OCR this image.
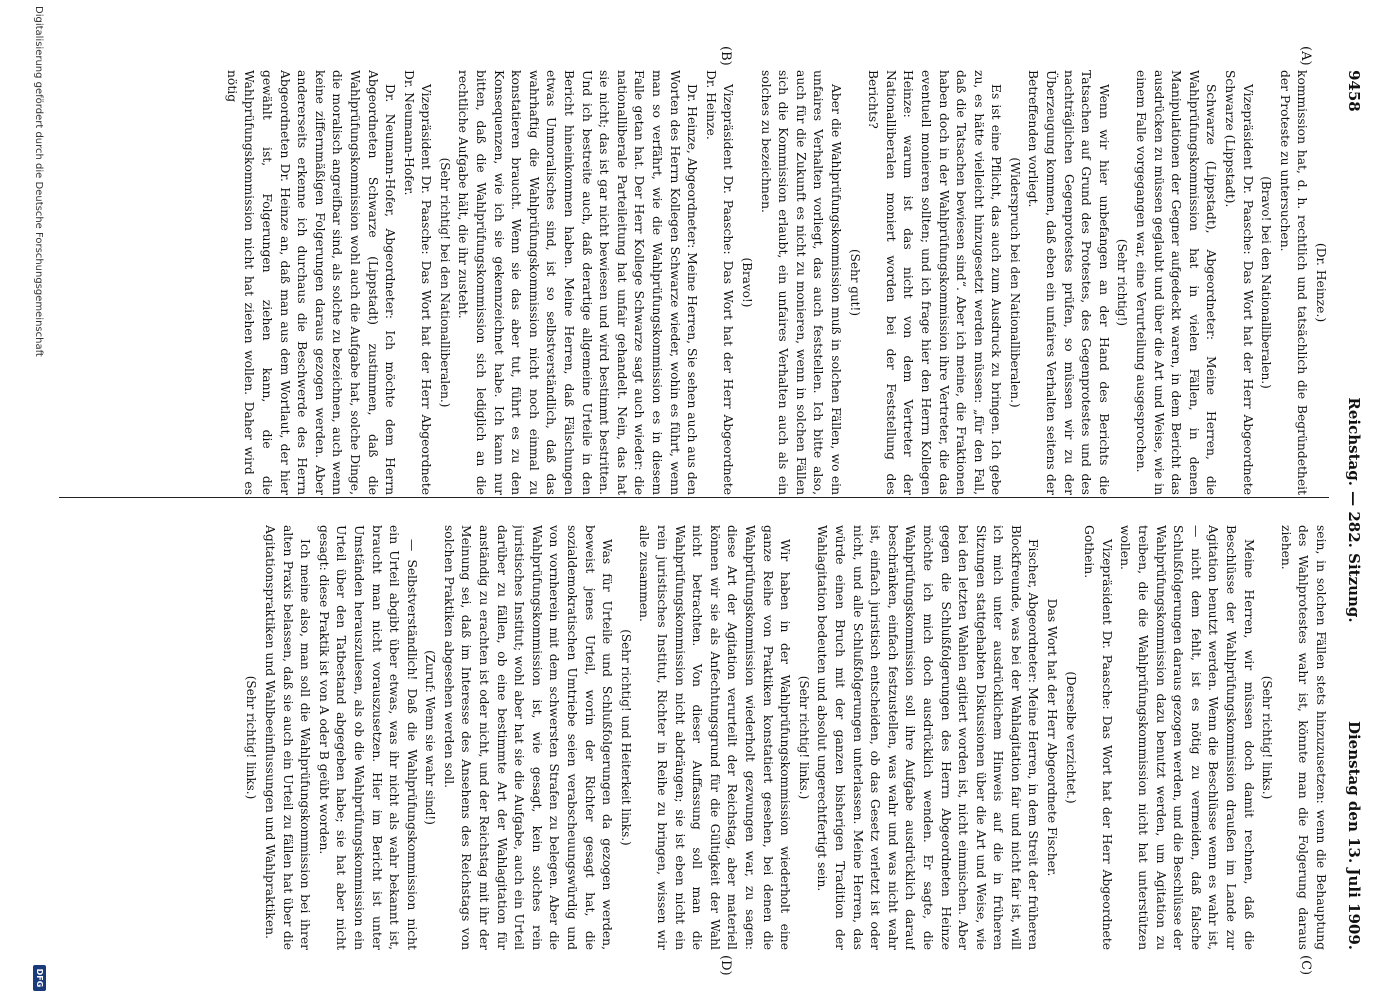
9458
Reichstag. — 282. Sitzung.
Dienstag den 13. Juli 1909.
(A)
(B)
(C)
(D)

(Dr. Heinze.)

kommission hat, d. h. rechtlich und tatsächlich die Begründetheit der Proteste zu untersuchen.

(Bravo! bei den Nationalliberalen.)

Vizepräsident Dr. Paasche: Das Wort hat der Herr Abgeordnete Schwarze (Lippstadt).

Schwarze (Lippstadt), Abgeordneter: Meine Herren, die Wahlprüfungskommission hat in vielen Fällen, in denen Manipulationen der Gegner aufgedeckt waren, in dem Bericht das ausdrücken zu müssen geglaubt und über die Art und Weise, wie in einem Falle vorgegangen war, eine Verurteilung ausgesprochen.

(Sehr richtig!)

Wenn wir hier unbefangen an der Hand des Berichts die Tatsachen auf Grund des Protestes, des Gegenprotestes und des nachträglichen Gegenprotestes prüfen, so müssen wir zu der Überzeugung kommen, daß eben ein unfaires Verhalten seitens der Betreffenden vorliegt.

(Widerspruch bei den Nationalliberalen.)

Es ist eine Pflicht, das auch zum Ausdruck zu bringen. Ich gebe zu, es hätte vielleicht hinzugesetzt werden müssen: „für den Fall, daß die Tatsachen bewiesen sind“. Aber ich meine, die Fraktionen haben doch in der Wahlprüfungskommission ihre Vertreter, die das eventuell monieren sollten; und ich frage hier den Herrn Kollegen Heinze: warum ist das nicht von dem Vertreter der Nationalliberalen moniert worden bei der Feststellung des Berichts?

(Sehr gut!)

Aber die Wahlprüfungskommission muß in solchen Fällen, wo ein unfaires Verhalten vorliegt, das auch feststellen. Ich bitte also, auch für die Zukunft es nicht zu monieren, wenn in solchen Fällen sich die Kommission erlaubt, ein unfaires Verhalten auch als ein solches zu bezeichnen.

(Bravo!)

Vizepräsident Dr. Paasche: Das Wort hat der Herr Abgeordnete Dr. Heinze.

Dr. Heinze, Abgeordneter: Meine Herren, Sie sehen auch aus den Worten des Herrn Kollegen Schwarze wieder, wohin es führt, wenn man so verfährt, wie die Wahlprüfungskommission es in diesem Falle getan hat. Der Herr Kollege Schwarze sagt auch wieder: die nationalliberale Parteileitung hat unfair gehandelt. Nein, das hat sie nicht; das ist gar nicht bewiesen und wird bestimmt bestritten. Und ich bestreite auch, daß derartige allgemeine Urteile in den Bericht hineinkommen haben. Meine Herren, daß Fälschungen etwas Unmoralisches sind, ist so selbstverständlich, daß das wahrhaftig die Wahlprüfungskommission nicht noch einmal zu konstatieren braucht. Wenn sie das aber tut, führt es zu den Konsequenzen, wie ich sie gekennzeichnet habe. Ich kann nur bitten, daß die Wahlprüfungskommission sich lediglich an die rechtliche Aufgabe hält, die ihr zusteht.

(Sehr richtig! bei den Nationalliberalen.)

Vizepräsident Dr. Paasche: Das Wort hat der Herr Abgeordnete Dr. Neumann-Hofer.

Dr. Neumann-Hofer, Abgeordneter: Ich möchte dem Herrn Abgeordneten Schwarze (Lippstadt) zustimmen, daß die Wahlprüfungskommission wohl auch die Aufgabe hat, solche Dinge, die moralisch angreifbar sind, als solche zu bezeichnen, auch wenn keine ziffernmäßigen Folgerungen daraus gezogen werden. Aber andererseits erkenne ich durchaus die Beschwerde des Herrn Abgeordneten Dr. Heinze an, daß man aus dem Wortlaut, der hier gewählt ist, Folgerungen ziehen kann, die die Wahlprüfungskommission nicht hat ziehen wollen. Daher wird es nötig

sein, in solchen Fällen stets hinzuzusetzen: wenn die Behauptung des Wahlprotestes wahr ist, könnte man die Folgerung daraus ziehen.

(Sehr richtig! links.)

Meine Herren, wir müssen doch damit rechnen, daß die Beschlüsse der Wahlprüfungskommission draußen im Lande zur Agitation benutzt werden. Wenn die Beschlüsse wenn es wahr ist, — nicht dem fehlt, ist es nötig zu vermeiden, daß falsche Schlußfolgerungen daraus gezogen werden, und die Beschlüsse der Wahlprüfungskommission dazu benutzt werden, um Agitation zu treiben, die die Wahlprüfungskommission nicht hat unterstützen wollen.

Vizepräsident Dr. Paasche: Das Wort hat der Herr Abgeordnete Gothein.

(Derselbe verzichtet.)

Das Wort hat der Herr Abgeordnete Fischer.

Fischer, Abgeordneter: Meine Herren, in dem Streit der früheren Blockfreunde, was bei der Wahlagitation fair und nicht fair ist, will ich mich unter ausdrücklichem Hinweis auf die in früheren Sitzungen stattgehabten Diskussionen über die Art und Weise, wie bei den letzten Wahlen agitiert worden ist, nicht einmischen. Aber gegen die Schlußfolgerungen des Herrn Abgeordneten Heinze möchte ich mich doch ausdrücklich wenden. Er sagte, die Wahlprüfungskommission soll ihre Aufgabe ausdrücklich darauf beschränken, einfach festzustellen, was wahr und was nicht wahr ist, einfach juristisch entscheiden, ob das Gesetz verletzt ist oder nicht, und alle Schlußfolgerungen unterlassen. Meine Herren, das würde einen Bruch mit der ganzen bisherigen Tradition der Wahlagitation bedeuten und absolut ungerechtfertigt sein.

(Sehr richtig! links.)

Wir haben in der Wahlprüfungskommission wiederholt eine ganze Reihe von Praktiken konstatiert gesehen, bei denen die Wahlprüfungskommission wiederholt gezwungen war, zu sagen: diese Art der Agitation verurteilt der Reichstag, aber materiell können wir sie als Anfechtungsgrund für die Gültigkeit der Wahl nicht betrachten. Von dieser Auffassung soll man die Wahlprüfungskommission nicht abdrängen; sie ist eben nicht ein rein juristisches Institut, Richter in Reihe zu bringen, wissen wir alle zusammen.

(Sehr richtig! und Heiterkeit links.)

Was für Urteile und Schlußfolgerungen da gezogen werden, beweist jenes Urteil, worin der Richter gesagt hat, die sozialdemokratischen Umtriebe seien verabscheuungswürdig und von vornherein mit dem schwersten Strafen zu belegen. Aber die Wahlprüfungskommission ist, wie gesagt, kein solches rein juristisches Institut; wohl aber hat sie die Aufgabe, auch ein Urteil darüber zu fällen, ob eine bestimmte Art der Wahlagitation für anständig zu erachten ist oder nicht, und der Reichstag mit ihr der Meinung sei, daß im Interesse des Ansehens des Reichstags von solchen Praktiken abgesehen werden soll.

(Zuruf: Wenn sie wahr sind!)

— Selbstverständlich! Daß die Wahlprüfungskommission nicht ein Urteil abgibt über etwas, was ihr nicht als wahr bekannt ist, braucht man nicht vorauszusetzen. Hier im Bericht ist unter Umständen herauszulesen, als ob die Wahlprüfungskommission ein Urteil über den Tatbestand abgegeben habe; sie hat aber nicht gesagt: diese Praktik ist von A oder B geübt worden.

Ich meine also, man soll die Wahlprüfungskommission bei ihrer alten Praxis belassen, daß sie auch ein Urteil zu fällen hat über die Agitationspraktiken und Wahlbeeinflussungen und Wahlpraktiken.

(Sehr richtig! links.)

Digitalisierung gefördert durch die Deutsche Forschungsgemeinschaft
DFG
